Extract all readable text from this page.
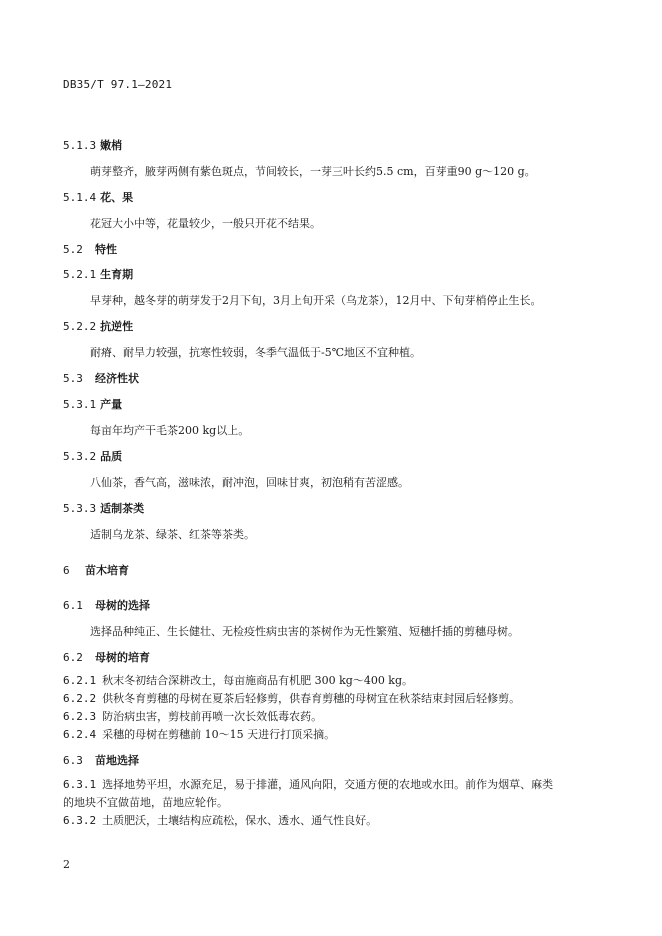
DB35/T 97.1—2021
5.1.3 嫩梢
萌芽整齐，腋芽两侧有紫色斑点，节间较长，一芽三叶长约5.5 cm，百芽重90 g～120 g。
5.1.4 花、果
花冠大小中等，花量较少，一般只开花不结果。
5.2 特性
5.2.1 生育期
早芽种，越冬芽的萌芽发于2月下旬，3月上旬开采（乌龙茶），12月中、下旬芽梢停止生长。
5.2.2 抗逆性
耐瘠、耐旱力较强，抗寒性较弱，冬季气温低于-5℃地区不宜种植。
5.3 经济性状
5.3.1 产量
每亩年均产干毛茶200 kg以上。
5.3.2 品质
八仙茶，香气高，滋味浓，耐冲泡，回味甘爽，初泡稍有苦涩感。
5.3.3 适制茶类
适制乌龙茶、绿茶、红茶等茶类。
6 苗木培育
6.1 母树的选择
选择品种纯正、生长健壮、无检疫性病虫害的茶树作为无性繁殖、短穗扦插的剪穗母树。
6.2 母树的培育
6.2.1 秋末冬初结合深耕改土，每亩施商品有机肥 300 kg～400 kg。
6.2.2 供秋冬育剪穗的母树在夏茶后轻修剪，供春育剪穗的母树宜在秋茶结束封园后轻修剪。
6.2.3 防治病虫害，剪枝前再喷一次长效低毒农药。
6.2.4 采穗的母树在剪穗前 10～15 天进行打顶采摘。
6.3 苗地选择
6.3.1 选择地势平坦，水源充足，易于排灌，通风向阳，交通方便的农地或水田。前作为烟草、麻类
的地块不宜做苗地，苗地应轮作。
6.3.2 土质肥沃，土壤结构应疏松，保水、透水、通气性良好。
2
